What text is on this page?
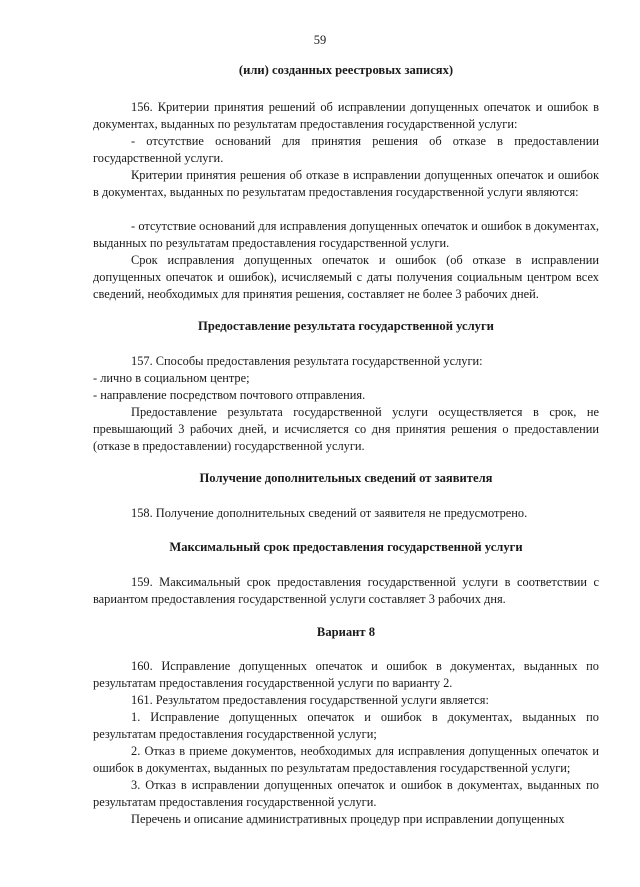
59
(или) созданных реестровых записях)
156. Критерии принятия решений об исправлении допущенных опечаток и ошибок в документах, выданных по результатам предоставления государственной услуги:
- отсутствие оснований для принятия решения об отказе в предоставлении государственной услуги.
Критерии принятия решения об отказе в исправлении допущенных опечаток и ошибок в документах, выданных по результатам предоставления государственной услуги являются:
- отсутствие оснований для исправления допущенных опечаток и ошибок в документах, выданных по результатам предоставления государственной услуги.
Срок исправления допущенных опечаток и ошибок (об отказе в исправлении допущенных опечаток и ошибок), исчисляемый с даты получения социальным центром всех сведений, необходимых для принятия решения, составляет не более 3 рабочих дней.
Предоставление результата государственной услуги
157. Способы предоставления результата государственной услуги:
- лично в социальном центре;
- направление посредством почтового отправления.
Предоставление результата государственной услуги осуществляется в срок, не превышающий 3 рабочих дней, и исчисляется со дня принятия решения о предоставлении (отказе в предоставлении) государственной услуги.
Получение дополнительных сведений от заявителя
158. Получение дополнительных сведений от заявителя не предусмотрено.
Максимальный срок предоставления государственной услуги
159. Максимальный срок предоставления государственной услуги в соответствии с вариантом предоставления государственной услуги составляет 3 рабочих дня.
Вариант 8
160. Исправление допущенных опечаток и ошибок в документах, выданных по результатам предоставления государственной услуги по варианту 2.
161. Результатом предоставления государственной услуги является:
1. Исправление допущенных опечаток и ошибок в документах, выданных по результатам предоставления государственной услуги;
2. Отказ в приеме документов, необходимых для исправления допущенных опечаток и ошибок в документах, выданных по результатам предоставления государственной услуги;
3. Отказ в исправлении допущенных опечаток и ошибок в документах, выданных по результатам предоставления государственной услуги.
Перечень и описание административных процедур при исправлении допущенных
